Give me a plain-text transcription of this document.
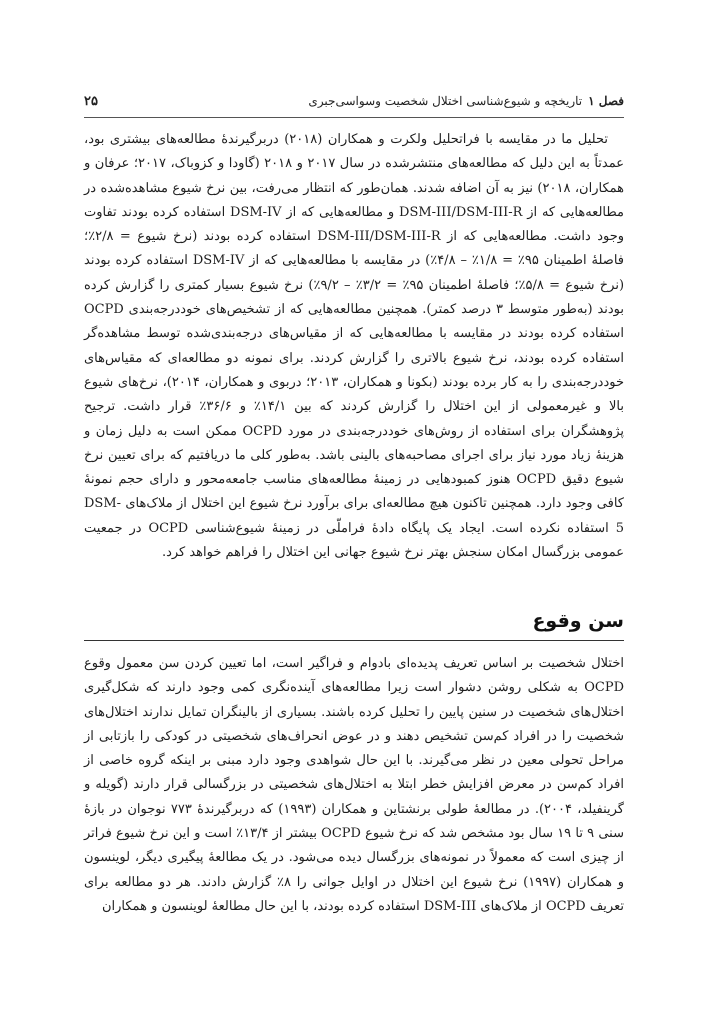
فصل ۱
تاریخچه و شیوع‌شناسی اختلال شخصیت وسواسی‌جبری
۲۵

تحلیل ما در مقایسه با فراتحلیل ولکرت و همکاران (۲۰۱۸) دربرگیرندهٔ مطالعه‌های بیشتری بود، عمدتاً به این دلیل که مطالعه‌های منتشرشده در سال ۲۰۱۷ و ۲۰۱۸ (گاودا و کزوباک، ۲۰۱۷؛ عرفان و همکاران، ۲۰۱۸) نیز به آن اضافه شدند. همان‌طور که انتظار می‌رفت، بین نرخ شیوع مشاهده‌شده در مطالعه‌هایی که از DSM-III/DSM-III-R و مطالعه‌هایی که از DSM-IV استفاده کرده بودند تفاوت وجود داشت. مطالعه‌هایی که از DSM-III/DSM-III-R استفاده کرده بودند (نرخ شیوع = ۲/۸٪؛ فاصلهٔ اطمینان ۹۵٪ = ۱/۸٪ – ۴/۸٪) در مقایسه با مطالعه‌هایی که از DSM-IV استفاده کرده بودند (نرخ شیوع = ۵/۸٪؛ فاصلهٔ اطمینان ۹۵٪ = ۳/۲٪ – ۹/۲٪) نرخ شیوع بسیار کمتری را گزارش کرده بودند (به‌طور متوسط ۳ درصد کمتر). همچنین مطالعه‌هایی که از تشخیص‌های خوددرجه‌بندی OCPD استفاده کرده بودند در مقایسه با مطالعه‌هایی که از مقیاس‌های درجه‌بندی‌شده توسط مشاهده‌گر استفاده کرده بودند، نرخ شیوع بالاتری را گزارش کردند. برای نمونه دو مطالعه‌ای که مقیاس‌های خوددرجه‌بندی را به کار برده بودند (بکونا و همکاران، ۲۰۱۳؛ دربوی و همکاران، ۲۰۱۴)، نرخ‌های شیوع بالا و غیرمعمولی از این اختلال را گزارش کردند که بین ۱۴/۱٪ و ۳۶/۶٪ قرار داشت. ترجیح پژوهشگران برای استفاده از روش‌های خوددرجه‌بندی در مورد OCPD ممکن است به دلیل زمان و هزینهٔ زیاد مورد نیاز برای اجرای مصاحبه‌های بالینی باشد. به‌طور کلی ما دریافتیم که برای تعیین نرخ شیوع دقیق OCPD هنوز کمبودهایی در زمینهٔ مطالعه‌های مناسب جامعه‌محور و دارای حجم نمونهٔ کافی وجود دارد. همچنین تاکنون هیچ مطالعه‌ای برای برآورد نرخ شیوع این اختلال از ملاک‌های DSM-5 استفاده نکرده است. ایجاد یک پایگاه دادهٔ فراملّی در زمینهٔ شیوع‌شناسی OCPD در جمعیت عمومی بزرگسال امکان سنجش بهتر نرخ شیوع جهانی این اختلال را فراهم خواهد کرد.

سن وقوع

اختلال شخصیت بر اساس تعریف پدیده‌ای بادوام و فراگیر است، اما تعیین کردن سن معمول وقوع OCPD به شکلی روشن دشوار است زیرا مطالعه‌های آینده‌نگری کمی وجود دارند که شکل‌گیری اختلال‌های شخصیت در سنین پایین را تحلیل کرده باشند. بسیاری از بالینگران تمایل ندارند اختلال‌های شخصیت را در افراد کم‌سن تشخیص دهند و در عوض انحراف‌های شخصیتی در کودکی را بازتابی از مراحل تحولی معین در نظر می‌گیرند. با این حال شواهدی وجود دارد مبنی بر اینکه گروه خاصی از افراد کم‌سن در معرض افزایش خطر ابتلا به اختلال‌های شخصیتی در بزرگسالی قرار دارند (گویله و گرینفیلد، ۲۰۰۴). در مطالعهٔ طولی برنشتاین و همکاران (۱۹۹۳) که دربرگیرندهٔ ۷۷۳ نوجوان در بازهٔ سنی ۹ تا ۱۹ سال بود مشخص شد که نرخ شیوع OCPD بیشتر از ۱۳/۴٪ است و این نرخ شیوع فراتر از چیزی است که معمولاً در نمونه‌های بزرگسال دیده می‌شود. در یک مطالعهٔ پیگیری دیگر، لوینسون و همکاران (۱۹۹۷) نرخ شیوع این اختلال در اوایل جوانی را ۸٪ گزارش دادند. هر دو مطالعه برای تعریف OCPD از ملاک‌های DSM-III استفاده کرده بودند، با این حال مطالعهٔ لوینسون و همکاران
